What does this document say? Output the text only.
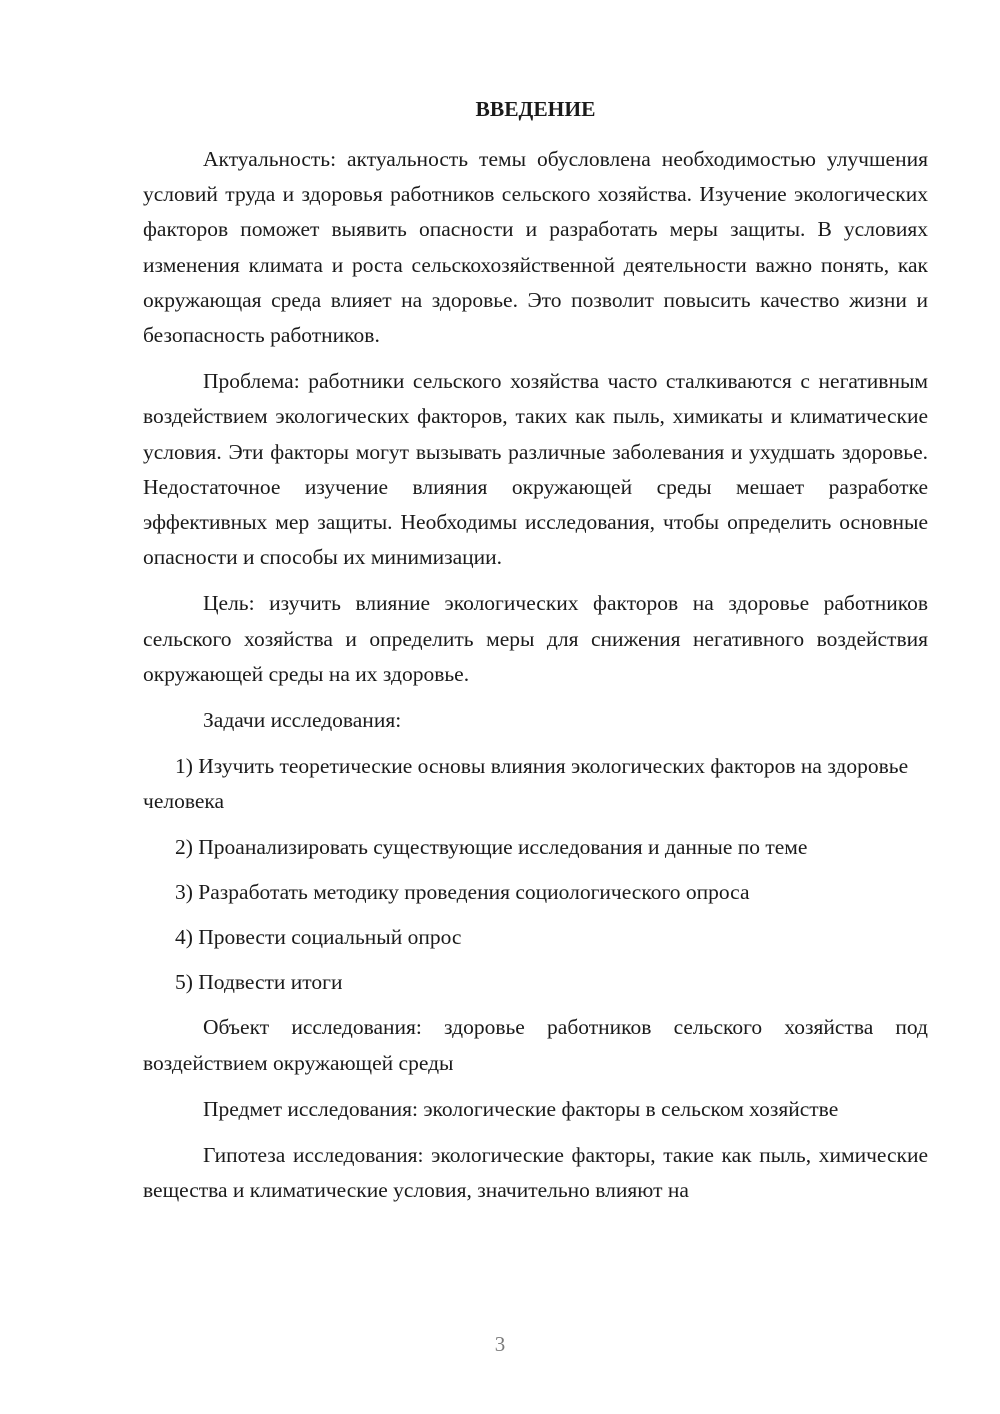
ВВЕДЕНИЕ

Актуальность: актуальность темы обусловлена необходимостью улучшения условий труда и здоровья работников сельского хозяйства. Изучение экологических факторов поможет выявить опасности и разработать меры защиты. В условиях изменения климата и роста сельскохозяйственной деятельности важно понять, как окружающая среда влияет на здоровье. Это позволит повысить качество жизни и безопасность работников.

Проблема: работники сельского хозяйства часто сталкиваются с негативным воздействием экологических факторов, таких как пыль, химикаты и климатические условия. Эти факторы могут вызывать различные заболевания и ухудшать здоровье. Недостаточное изучение влияния окружающей среды мешает разработке эффективных мер защиты. Необходимы исследования, чтобы определить основные опасности и способы их минимизации.

Цель: изучить влияние экологических факторов на здоровье работников сельского хозяйства и определить меры для снижения негативного воздействия окружающей среды на их здоровье.

Задачи исследования:

1) Изучить теоретические основы влияния экологических факторов на здоровье человека

2) Проанализировать существующие исследования и данные по теме

3) Разработать методику проведения социологического опроса

4) Провести социальный опрос

5) Подвести итоги

Объект исследования: здоровье работников сельского хозяйства под воздействием окружающей среды

Предмет исследования: экологические факторы в сельском хозяйстве

Гипотеза исследования: экологические факторы, такие как пыль, химические вещества и климатические условия, значительно влияют на

3
